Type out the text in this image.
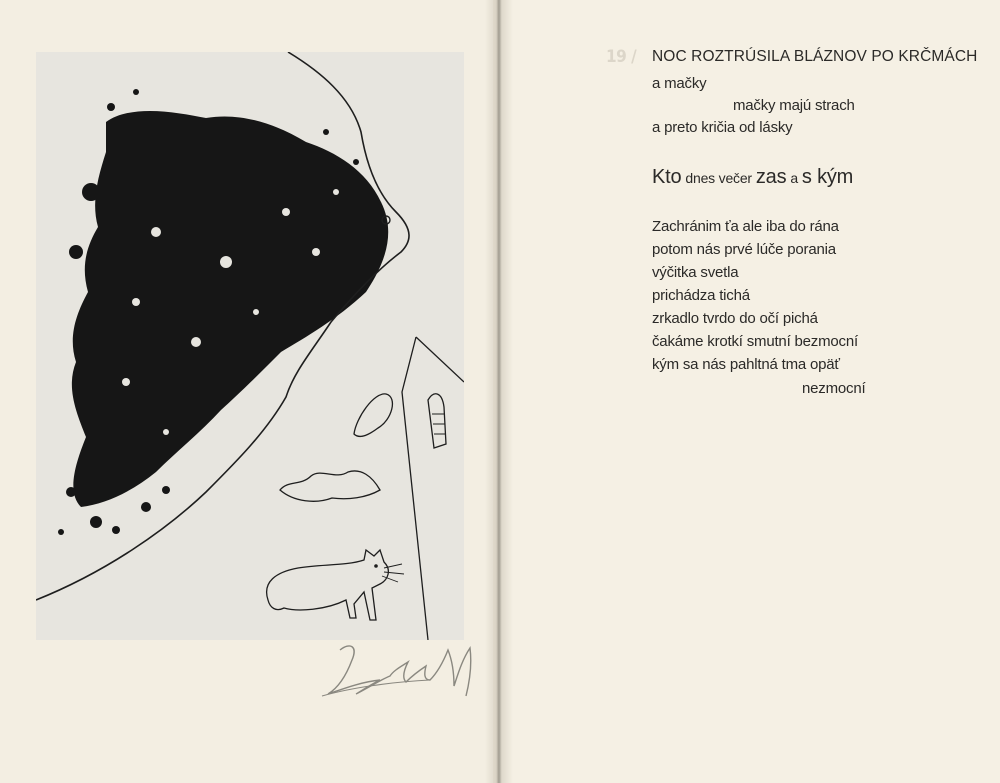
19 / NOC ROZTRÚSILA BLÁZNOV PO KRČMÁCH
a mačky
mačky majú strach
a preto kričia od lásky
Kto dnes večer zas a s kým
Zachránim ťa ale iba do rána
potom nás prvé lúče porania
výčitka svetla
prichádza tichá
zrkadlo tvrdo do očí pichá
čakáme krotkí smutní bezmocní
kým sa nás pahltná tma opäť
nezmocní
